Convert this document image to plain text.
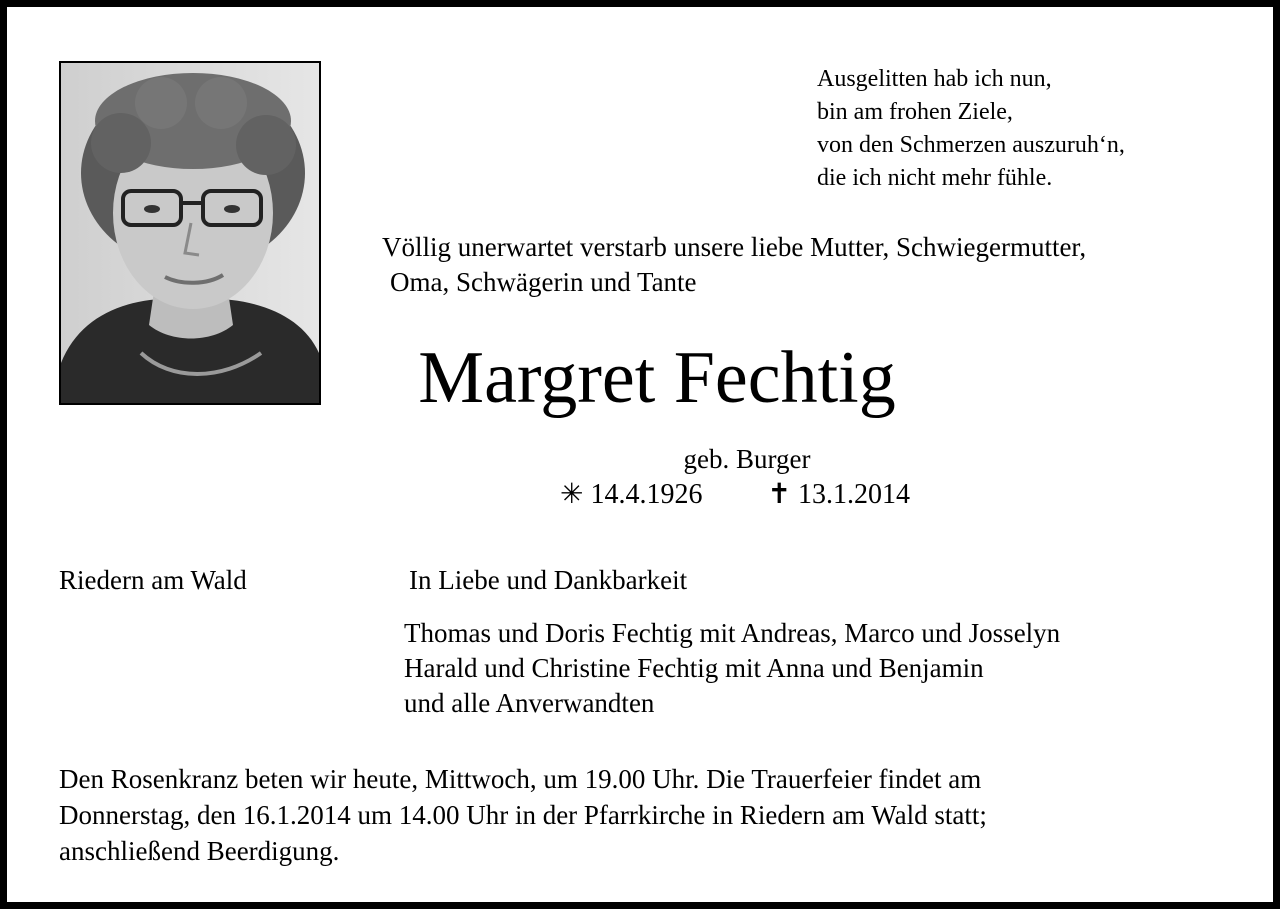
Ausgelitten hab ich nun,
bin am frohen Ziele,
von den Schmerzen auszuruh‘n,
die ich nicht mehr fühle.
Völlig unerwartet verstarb unsere liebe Mutter, Schwiegermutter,
Oma, Schwägerin und Tante
Margret Fechtig
geb. Burger
✳ 14.4.1926 ✝ 13.1.2014
Riedern am Wald	In Liebe und Dankbarkeit
Thomas und Doris Fechtig mit Andreas, Marco und Josselyn
Harald und Christine Fechtig mit Anna und Benjamin
und alle Anverwandten
Den Rosenkranz beten wir heute, Mittwoch, um 19.00 Uhr. Die Trauerfeier findet am
Donnerstag, den 16.1.2014 um 14.00 Uhr in der Pfarrkirche in Riedern am Wald statt;
anschließend Beerdigung.
